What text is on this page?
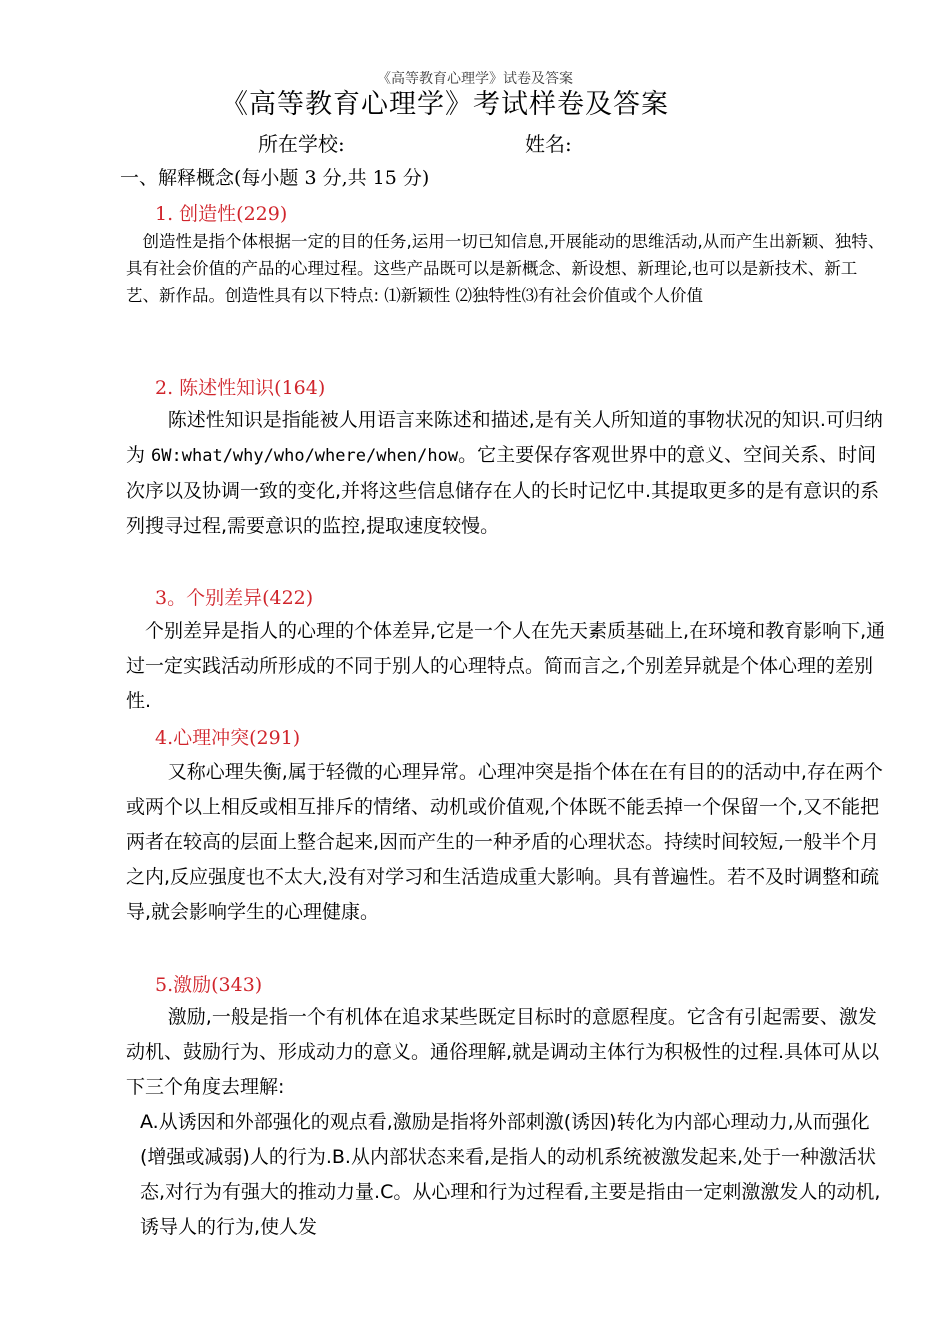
《高等教育心理学》试卷及答案
《高等教育心理学》考试样卷及答案
所在学校:	姓名:
一、解释概念(每小题 3 分,共 15 分)
1. 创造性(229)
创造性是指个体根据一定的目的任务,运用一切已知信息,开展能动的思维活动,从而产生出新颖、独特、具有社会价值的产品的心理过程。这些产品既可以是新概念、新设想、新理论,也可以是新技术、新工艺、新作品。创造性具有以下特点: ⑴新颖性 ⑵独特性⑶有社会价值或个人价值
2. 陈述性知识(164)
陈述性知识是指能被人用语言来陈述和描述,是有关人所知道的事物状况的知识.可归纳为 6W:what/why/who/where/when/how。它主要保存客观世界中的意义、空间关系、时间次序以及协调一致的变化,并将这些信息储存在人的长时记忆中.其提取更多的是有意识的系列搜寻过程,需要意识的监控,提取速度较慢。
3。个别差异(422)
个别差异是指人的心理的个体差异,它是一个人在先天素质基础上,在环境和教育影响下,通过一定实践活动所形成的不同于别人的心理特点。简而言之,个别差异就是个体心理的差别性.
4.心理冲突(291)
又称心理失衡,属于轻微的心理异常。心理冲突是指个体在在有目的的活动中,存在两个或两个以上相反或相互排斥的情绪、动机或价值观,个体既不能丢掉一个保留一个,又不能把两者在较高的层面上整合起来,因而产生的一种矛盾的心理状态。持续时间较短,一般半个月之内,反应强度也不太大,没有对学习和生活造成重大影响。具有普遍性。若不及时调整和疏导,就会影响学生的心理健康。
5.激励(343)
激励,一般是指一个有机体在追求某些既定目标时的意愿程度。它含有引起需要、激发动机、鼓励行为、形成动力的意义。通俗理解,就是调动主体行为积极性的过程.具体可从以下三个角度去理解:
A.从诱因和外部强化的观点看,激励是指将外部刺激(诱因)转化为内部心理动力,从而强化(增强或减弱)人的行为.B.从内部状态来看,是指人的动机系统被激发起来,处于一种激活状态,对行为有强大的推动力量.C。从心理和行为过程看,主要是指由一定刺激激发人的动机,诱导人的行为,使人发
